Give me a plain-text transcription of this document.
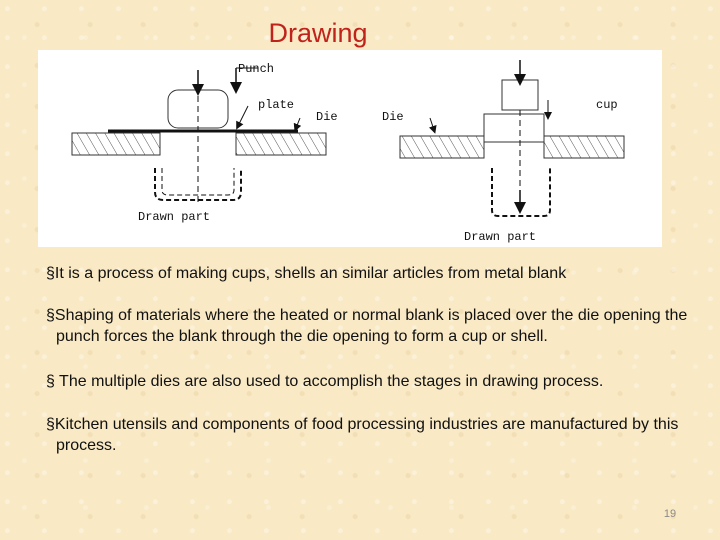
Drawing
Punch
plate
Die
Drawn part
cup
Die
Drawn part
§It is a process of making cups, shells an similar articles from metal blank
§Shaping of materials where the heated or normal blank is placed over the die opening the punch forces the blank through the die opening to form a cup or shell.
§ The multiple dies are also used to accomplish the stages in drawing process.
§Kitchen utensils and components of food processing industries are manufactured by this process.
19
